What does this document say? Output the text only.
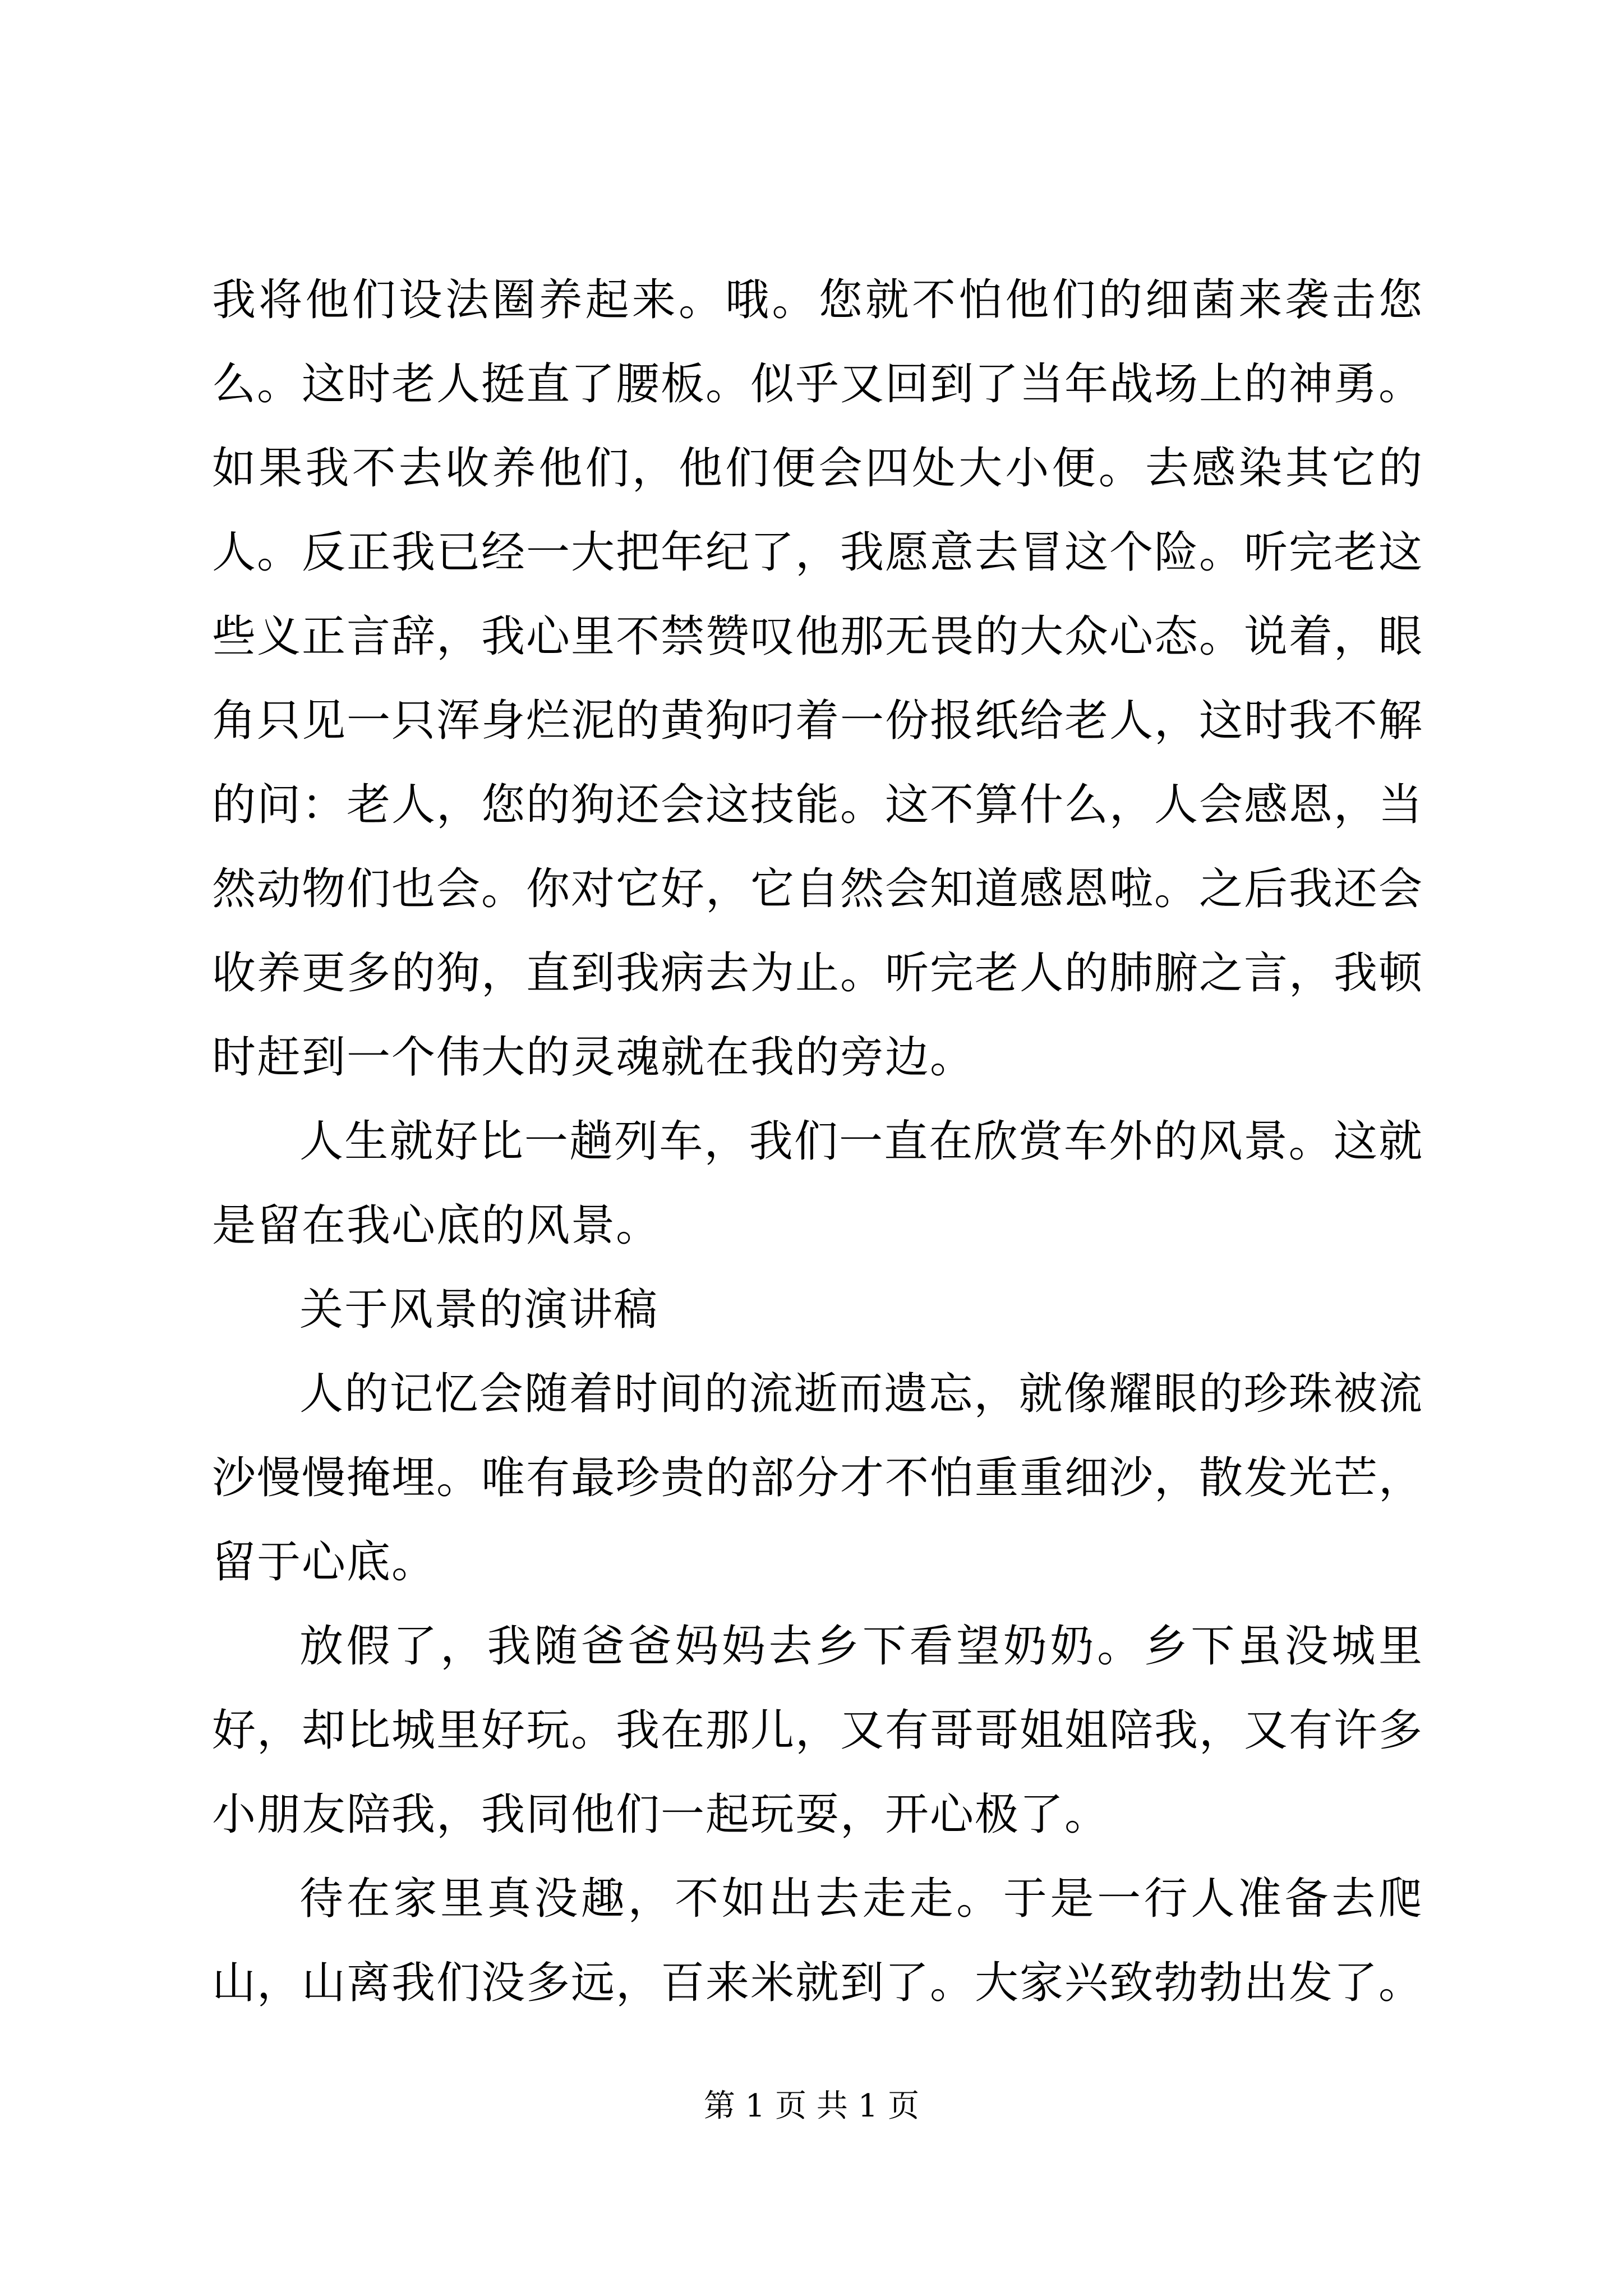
我将他们设法圈养起来。哦。您就不怕他们的细菌来袭击您么。这时老人挺直了腰板。似乎又回到了当年战场上的神勇。如果我不去收养他们，他们便会四处大小便。去感染其它的人。反正我已经一大把年纪了，我愿意去冒这个险。听完老这些义正言辞，我心里不禁赞叹他那无畏的大众心态。说着，眼角只见一只浑身烂泥的黄狗叼着一份报纸给老人，这时我不解的问：老人，您的狗还会这技能。这不算什么，人会感恩，当然动物们也会。你对它好，它自然会知道感恩啦。之后我还会收养更多的狗，直到我病去为止。听完老人的肺腑之言，我顿时赶到一个伟大的灵魂就在我的旁边。

人生就好比一趟列车，我们一直在欣赏车外的风景。这就是留在我心底的风景。

关于风景的演讲稿

人的记忆会随着时间的流逝而遗忘，就像耀眼的珍珠被流沙慢慢掩埋。唯有最珍贵的部分才不怕重重细沙，散发光芒，留于心底。

放假了，我随爸爸妈妈去乡下看望奶奶。乡下虽没城里好，却比城里好玩。我在那儿，又有哥哥姐姐陪我，又有许多小朋友陪我，我同他们一起玩耍，开心极了。

待在家里真没趣，不如出去走走。于是一行人准备去爬山，山离我们没多远，百来米就到了。大家兴致勃勃出发了。

第 1 页 共 1 页
